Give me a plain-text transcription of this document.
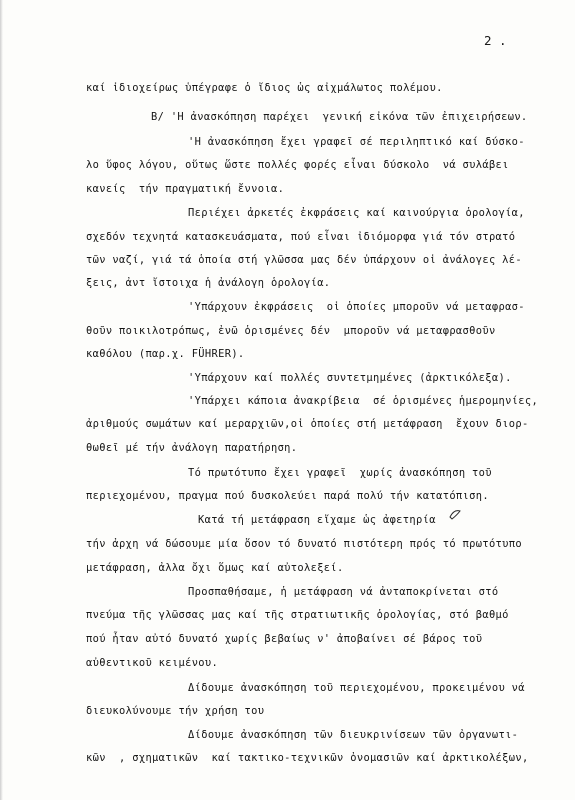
2 .
καί ἰδιοχείρως ὑπέγραφε ὁ ἴδιος ὡς αἰχμάλωτος πολέμου.
Β/ 'Η ἀνασκόπηση παρέχει  γενική εἰκόνα τῶν ἐπιχειρήσεων.
'Η ἀνασκόπηση ἔχει γραφεῖ σέ περιληπτικό καί δύσκο-
λο ὕφος λόγου, οὕτως ὥστε πολλές φορές εἶναι δύσκολο  νά συλάβει
κανείς  τήν πραγματική ἔννοια.
Περιέχει ἀρκετές ἐκφράσεις καί καινούργια ὁρολογία,
σχεδόν τεχνητά κατασκευάσματα, πού εἶναι ἰδιόμορφα γιά τόν στρατό
τῶν ναζί, γιά τά ὁποία στή γλῶσσα μας δέν ὑπάρχουν οἱ ἀνάλογες λέ-
ξεις, ἀντ ἴστοιχα ἡ ἀνάλογη ὁρολογία.
'Υπάρχουν ἐκφράσεις  οἱ ὁποίες μποροῦν νά μεταφρασ-
θοῦν ποικιλοτρόπως, ἐνῶ ὁρισμένες δέν  μποροῦν νά μεταφρασθοῦν
καθόλου (παρ.χ. FÜHRER).
'Υπάρχουν καί πολλές συντετμημένες (ἀρκτικόλεξα).
'Υπάρχει κάποια ἀνακρίβεια  σέ ὁρισμένες ἡμερομηνίες,
ἀριθμούς σωμάτων καί μεραρχιῶν,οἱ ὁποίες στή μετάφραση  ἔχουν διορ-
θωθεῖ μέ τήν ἀνάλογη παρατήρηση.
Τό πρωτότυπο ἔχει γραφεῖ  χωρίς ἀνασκόπηση τοῦ
περιεχομένου, πραγμα πού δυσκολεύει παρά πολύ τήν κατατόπιση.
Κατά τή μετάφραση εἴχαμε ὡς ἀφετηρία
τήν ἀρχη νά δώσουμε μία ὅσον τό δυνατό πιστότερη πρός τό πρωτότυπο
μετάφραση, ἀλλα ὄχι ὅμως καί αὐτολεξεί.
Προσπαθήσαμε, ἡ μετάφραση νά ἀνταποκρίνεται στό
πνεύμα τῆς γλῶσσας μας καί τῆς στρατιωτικῆς ὁρολογίας, στό βαθμό
πού ἦταν αὐτό δυνατό χωρίς βεβαίως ν' ἀποβαίνει σέ βάρος τοῦ
αὐθεντικοῦ κειμένου.
Δίδουμε ἀνασκόπηση τοῦ περιεχομένου, προκειμένου νά
διευκολύνουμε τήν χρήση του
Δίδουμε ἀνασκόπηση τῶν διευκρινίσεων τῶν ὀργανωτι-
κῶν  , σχηματικῶν  καί τακτικο-τεχνικῶν ὀνομασιῶν καί ἀρκτικολέξων,
